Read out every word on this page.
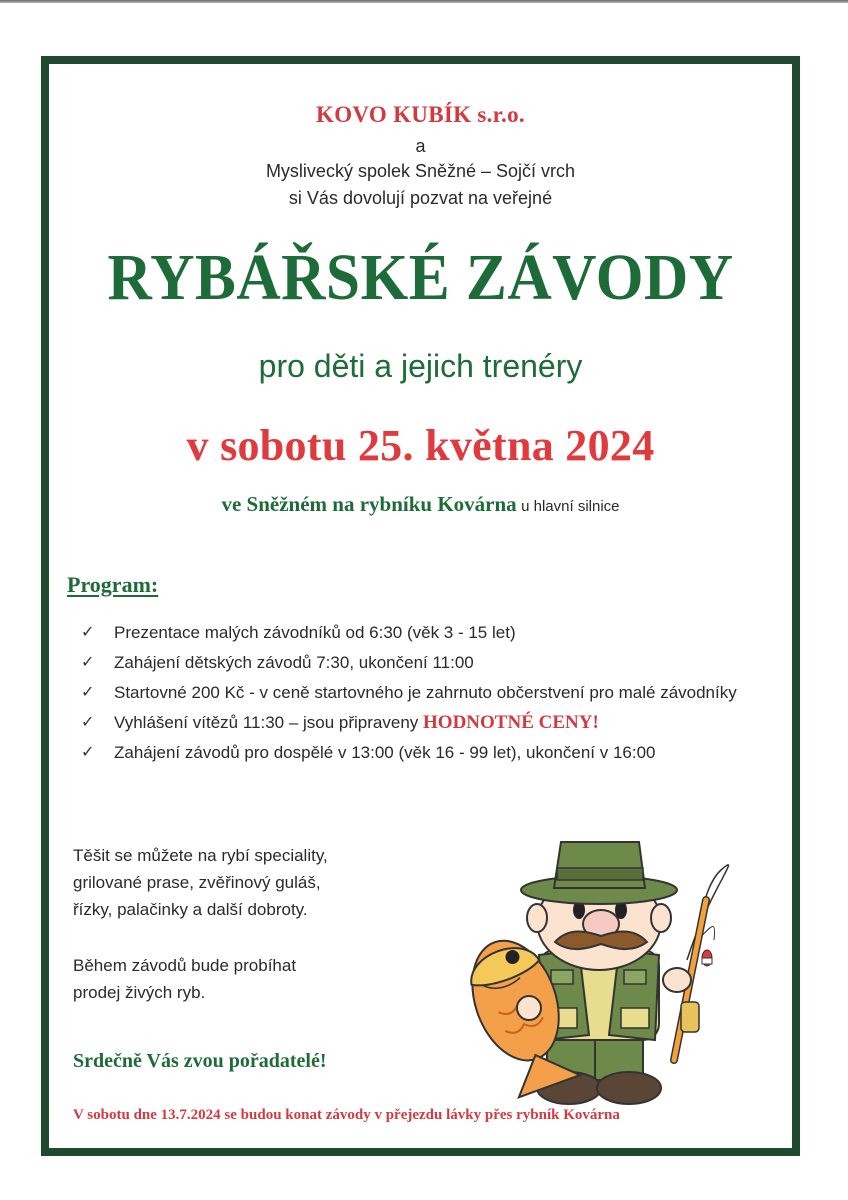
KOVO KUBÍK s.r.o.
a
Myslivecký spolek Sněžné – Sojčí vrch
si Vás dovolují pozvat na veřejné
RYBÁŘSKÉ ZÁVODY
pro děti a jejich trenéry
v sobotu 25. května 2024
ve Sněžném na rybníku Kovárna u hlavní silnice
Program:
✓ Prezentace malých závodníků od 6:30 (věk 3 - 15 let)
✓ Zahájení dětských závodů 7:30, ukončení 11:00
✓ Startovné 200 Kč - v ceně startovného je zahrnuto občerstvení pro malé závodníky
✓ Vyhlášení vítězů 11:30 – jsou připraveny HODNOTNÉ CENY!
✓ Zahájení závodů pro dospělé v 13:00 (věk 16 - 99 let), ukončení v 16:00
Těšit se můžete na rybí speciality,
grilované prase, zvěřinový guláš,
řízky, palačinky a další dobroty.
Během závodů bude probíhat
prodej živých ryb.
Srdečně Vás zvou pořadatelé!
V sobotu dne 13.7.2024 se budou konat závody v přejezdu lávky přes rybník Kovárna
